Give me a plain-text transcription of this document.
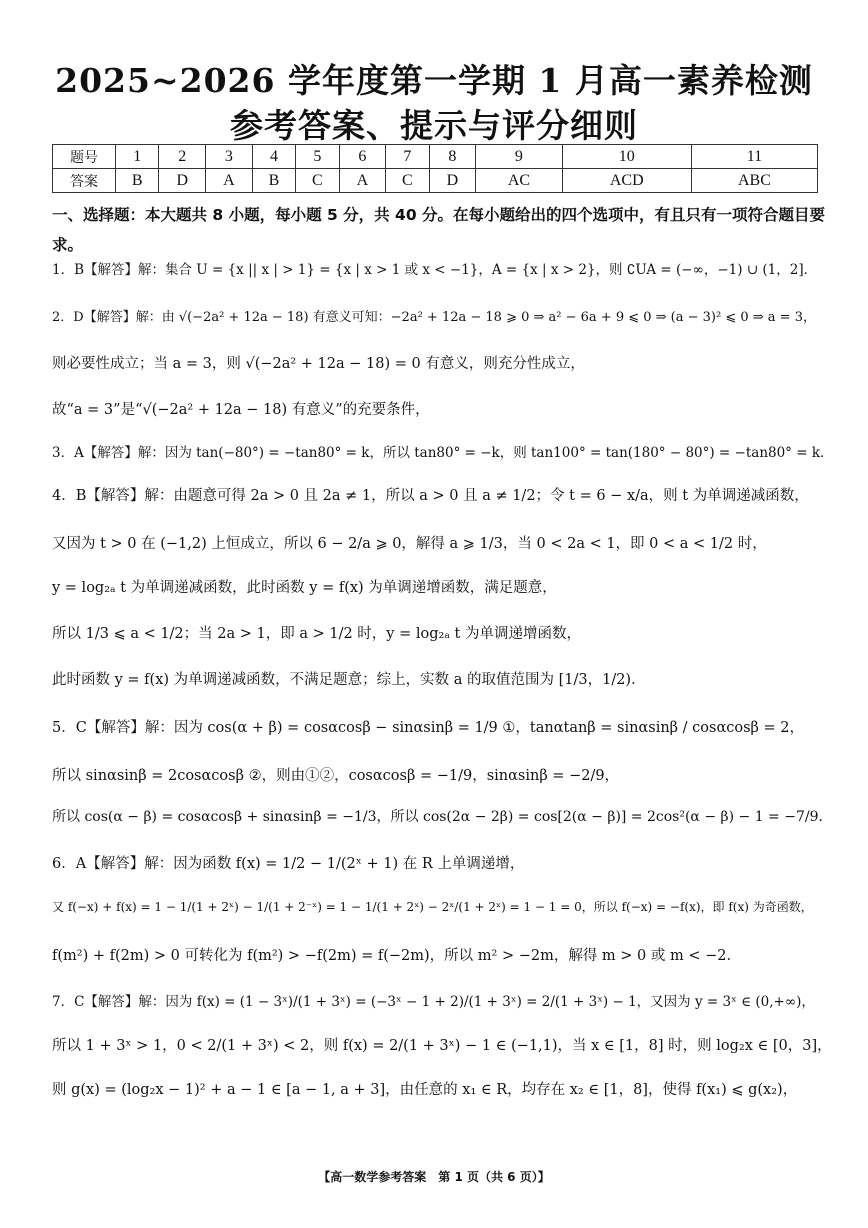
2025~2026 学年度第一学期 1 月高一素养检测
参考答案、提示与评分细则
题号	1	2	3	4	5	6	7	8	9	10	11
答案	B	D	A	B	C	A	C	D	AC	ACD	ABC
一、选择题：本大题共 8 小题，每小题 5 分，共 40 分。在每小题给出的四个选项中，有且只有一项符合题目要求。
1．B【解答】解：集合 U = {x || x | > 1} = {x | x > 1 或 x < −1}，A = {x | x > 2}，则 ∁UA = (−∞，−1) ∪ (1，2]．
2．D【解答】解：由 √(−2a² + 12a − 18) 有意义可知：−2a² + 12a − 18 ⩾ 0 ⇒ a² − 6a + 9 ⩽ 0 ⇒ (a − 3)² ⩽ 0 ⇒ a = 3，
则必要性成立；当 a = 3，则 √(−2a² + 12a − 18) = 0 有意义，则充分性成立，
故“a = 3”是“√(−2a² + 12a − 18) 有意义”的充要条件，
3．A【解答】解：因为 tan(−80°) = −tan80° = k，所以 tan80° = −k，则 tan100° = tan(180° − 80°) = −tan80° = k．
4．B【解答】解：由题意可得 2a > 0 且 2a ≠ 1，所以 a > 0 且 a ≠ 1/2；令 t = 6 − x/a，则 t 为单调递减函数，
又因为 t > 0 在 (−1,2) 上恒成立，所以 6 − 2/a ⩾ 0，解得 a ⩾ 1/3，当 0 < 2a < 1，即 0 < a < 1/2 时，
y = log₂ₐ t 为单调递减函数，此时函数 y = f(x) 为单调递增函数，满足题意，
所以 1/3 ⩽ a < 1/2；当 2a > 1，即 a > 1/2 时，y = log₂ₐ t 为单调递增函数，
此时函数 y = f(x) 为单调递减函数，不满足题意；综上，实数 a 的取值范围为 [1/3，1/2)．
5．C【解答】解：因为 cos(α + β) = cosαcosβ − sinαsinβ = 1/9 ①，tanαtanβ = sinαsinβ / cosαcosβ = 2，
所以 sinαsinβ = 2cosαcosβ ②，则由①②，cosαcosβ = −1/9，sinαsinβ = −2/9，
所以 cos(α − β) = cosαcosβ + sinαsinβ = −1/3，所以 cos(2α − 2β) = cos[2(α − β)] = 2cos²(α − β) − 1 = −7/9．
6．A【解答】解：因为函数 f(x) = 1/2 − 1/(2ˣ + 1) 在 R 上单调递增，
又 f(−x) + f(x) = 1 − 1/(1 + 2ˣ) − 1/(1 + 2⁻ˣ) = 1 − 1/(1 + 2ˣ) − 2ˣ/(1 + 2ˣ) = 1 − 1 = 0，所以 f(−x) = −f(x)，即 f(x) 为奇函数，
f(m²) + f(2m) > 0 可转化为 f(m²) > −f(2m) = f(−2m)，所以 m² > −2m，解得 m > 0 或 m < −2．
7．C【解答】解：因为 f(x) = (1 − 3ˣ)/(1 + 3ˣ) = (−3ˣ − 1 + 2)/(1 + 3ˣ) = 2/(1 + 3ˣ) − 1，又因为 y = 3ˣ ∈ (0,+∞)，
所以 1 + 3ˣ > 1，0 < 2/(1 + 3ˣ) < 2，则 f(x) = 2/(1 + 3ˣ) − 1 ∈ (−1,1)，当 x ∈ [1，8] 时，则 log₂x ∈ [0，3]，
则 g(x) = (log₂x − 1)² + a − 1 ∈ [a − 1, a + 3]，由任意的 x₁ ∈ R，均存在 x₂ ∈ [1，8]，使得 f(x₁) ⩽ g(x₂)，
【高一数学参考答案　第 1 页（共 6 页）】
